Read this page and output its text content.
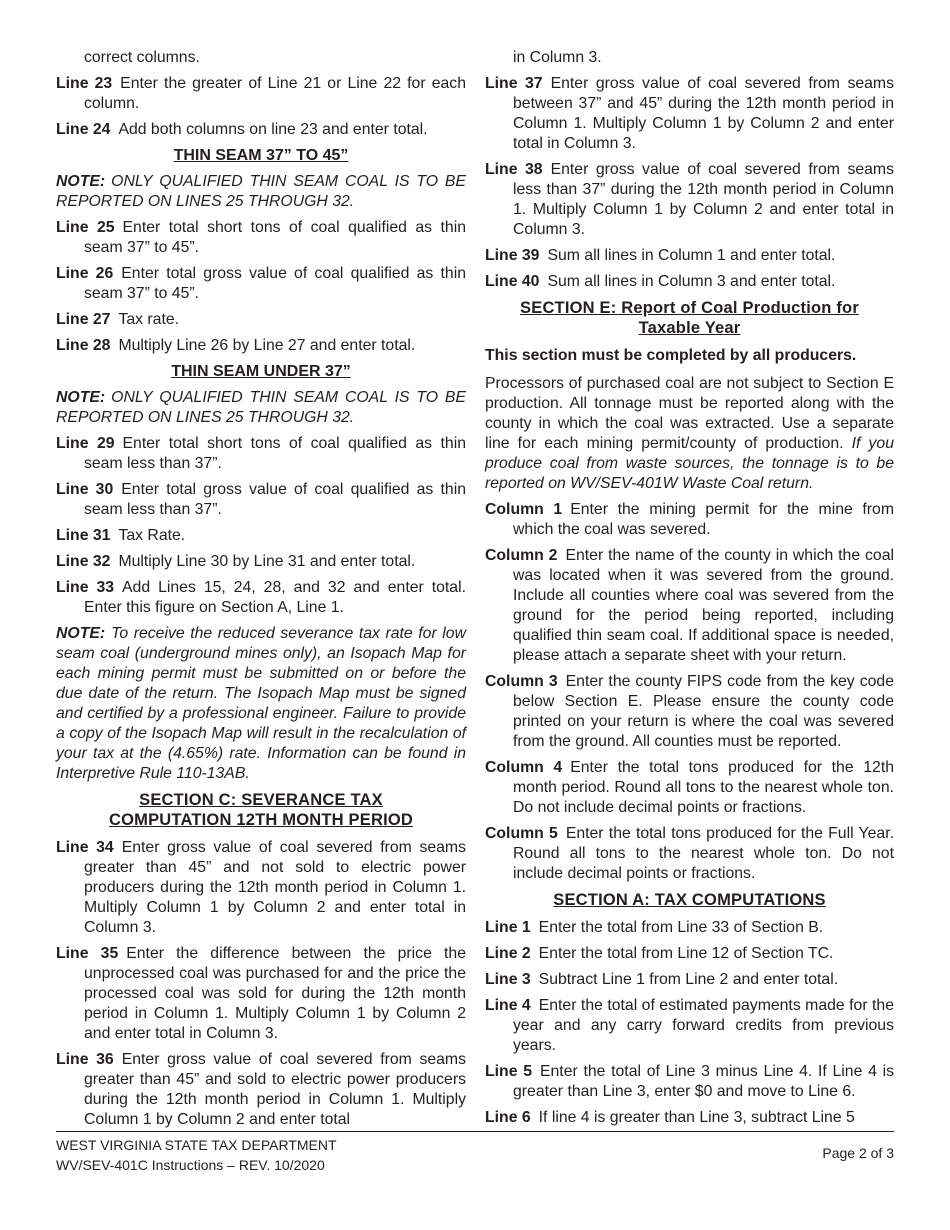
correct columns.

Line 23 Enter the greater of Line 21 or Line 22 for each column.

Line 24 Add both columns on line 23 and enter total.

THIN SEAM 37” TO 45”

NOTE: ONLY QUALIFIED THIN SEAM COAL IS TO BE REPORTED ON LINES 25 THROUGH 32.

Line 25 Enter total short tons of coal qualified as thin seam 37” to 45”.

Line 26 Enter total gross value of coal qualified as thin seam 37” to 45”.

Line 27 Tax rate.

Line 28 Multiply Line 26 by Line 27 and enter total.

THIN SEAM UNDER 37”

NOTE: ONLY QUALIFIED THIN SEAM COAL IS TO BE REPORTED ON LINES 25 THROUGH 32.

Line 29 Enter total short tons of coal qualified as thin seam less than 37”.

Line 30 Enter total gross value of coal qualified as thin seam less than 37”.

Line 31 Tax Rate.

Line 32 Multiply Line 30 by Line 31 and enter total.

Line 33 Add Lines 15, 24, 28, and 32 and enter total. Enter this figure on Section A, Line 1.

NOTE: To receive the reduced severance tax rate for low seam coal (underground mines only), an Isopach Map for each mining permit must be submitted on or before the due date of the return. The Isopach Map must be signed and certified by a professional engineer. Failure to provide a copy of the Isopach Map will result in the recalculation of your tax at the (4.65%) rate. Information can be found in Interpretive Rule 110-13AB.

SECTION C: SEVERANCE TAX
COMPUTATION 12TH MONTH PERIOD

Line 34 Enter gross value of coal severed from seams greater than 45” and not sold to electric power producers during the 12th month period in Column 1. Multiply Column 1 by Column 2 and enter total in Column 3.

Line 35 Enter the difference between the price the unprocessed coal was purchased for and the price the processed coal was sold for during the 12th month period in Column 1. Multiply Column 1 by Column 2 and enter total in Column 3.

Line 36 Enter gross value of coal severed from seams greater than 45” and sold to electric power producers during the 12th month period in Column 1. Multiply Column 1 by Column 2 and enter total

in Column 3.

Line 37 Enter gross value of coal severed from seams between 37” and 45” during the 12th month period in Column 1. Multiply Column 1 by Column 2 and enter total in Column 3.

Line 38 Enter gross value of coal severed from seams less than 37” during the 12th month period in Column 1. Multiply Column 1 by Column 2 and enter total in Column 3.

Line 39 Sum all lines in Column 1 and enter total.

Line 40 Sum all lines in Column 3 and enter total.

SECTION E: Report of Coal Production for
Taxable Year

This section must be completed by all producers.

Processors of purchased coal are not subject to Section E production. All tonnage must be reported along with the county in which the coal was extracted. Use a separate line for each mining permit/county of production. If you produce coal from waste sources, the tonnage is to be reported on WV/SEV-401W Waste Coal return.

Column 1 Enter the mining permit for the mine from which the coal was severed.

Column 2 Enter the name of the county in which the coal was located when it was severed from the ground. Include all counties where coal was severed from the ground for the period being reported, including qualified thin seam coal. If additional space is needed, please attach a separate sheet with your return.

Column 3 Enter the county FIPS code from the key code below Section E. Please ensure the county code printed on your return is where the coal was severed from the ground. All counties must be reported.

Column 4 Enter the total tons produced for the 12th month period. Round all tons to the nearest whole ton. Do not include decimal points or fractions.

Column 5 Enter the total tons produced for the Full Year. Round all tons to the nearest whole ton. Do not include decimal points or fractions.

SECTION A: TAX COMPUTATIONS

Line 1 Enter the total from Line 33 of Section B.

Line 2 Enter the total from Line 12 of Section TC.

Line 3 Subtract Line 1 from Line 2 and enter total.

Line 4 Enter the total of estimated payments made for the year and any carry forward credits from previous years.

Line 5 Enter the total of Line 3 minus Line 4. If Line 4 is greater than Line 3, enter $0 and move to Line 6.

Line 6 If line 4 is greater than Line 3, subtract Line 5

WEST VIRGINIA STATE TAX DEPARTMENT
WV/SEV-401C Instructions – REV. 10/2020
Page 2 of 3
